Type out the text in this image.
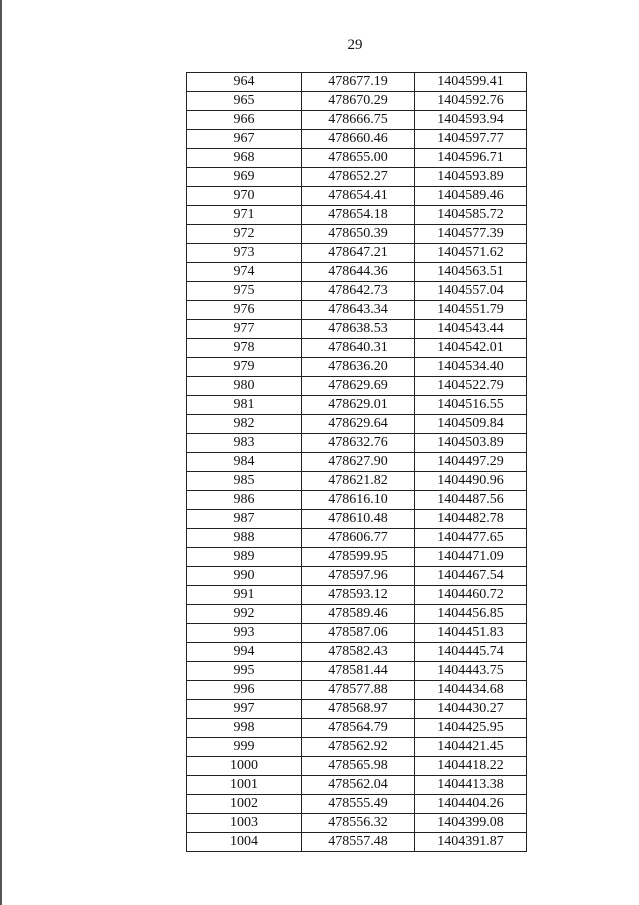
29
964	478677.19	1404599.41
965	478670.29	1404592.76
966	478666.75	1404593.94
967	478660.46	1404597.77
968	478655.00	1404596.71
969	478652.27	1404593.89
970	478654.41	1404589.46
971	478654.18	1404585.72
972	478650.39	1404577.39
973	478647.21	1404571.62
974	478644.36	1404563.51
975	478642.73	1404557.04
976	478643.34	1404551.79
977	478638.53	1404543.44
978	478640.31	1404542.01
979	478636.20	1404534.40
980	478629.69	1404522.79
981	478629.01	1404516.55
982	478629.64	1404509.84
983	478632.76	1404503.89
984	478627.90	1404497.29
985	478621.82	1404490.96
986	478616.10	1404487.56
987	478610.48	1404482.78
988	478606.77	1404477.65
989	478599.95	1404471.09
990	478597.96	1404467.54
991	478593.12	1404460.72
992	478589.46	1404456.85
993	478587.06	1404451.83
994	478582.43	1404445.74
995	478581.44	1404443.75
996	478577.88	1404434.68
997	478568.97	1404430.27
998	478564.79	1404425.95
999	478562.92	1404421.45
1000	478565.98	1404418.22
1001	478562.04	1404413.38
1002	478555.49	1404404.26
1003	478556.32	1404399.08
1004	478557.48	1404391.87
